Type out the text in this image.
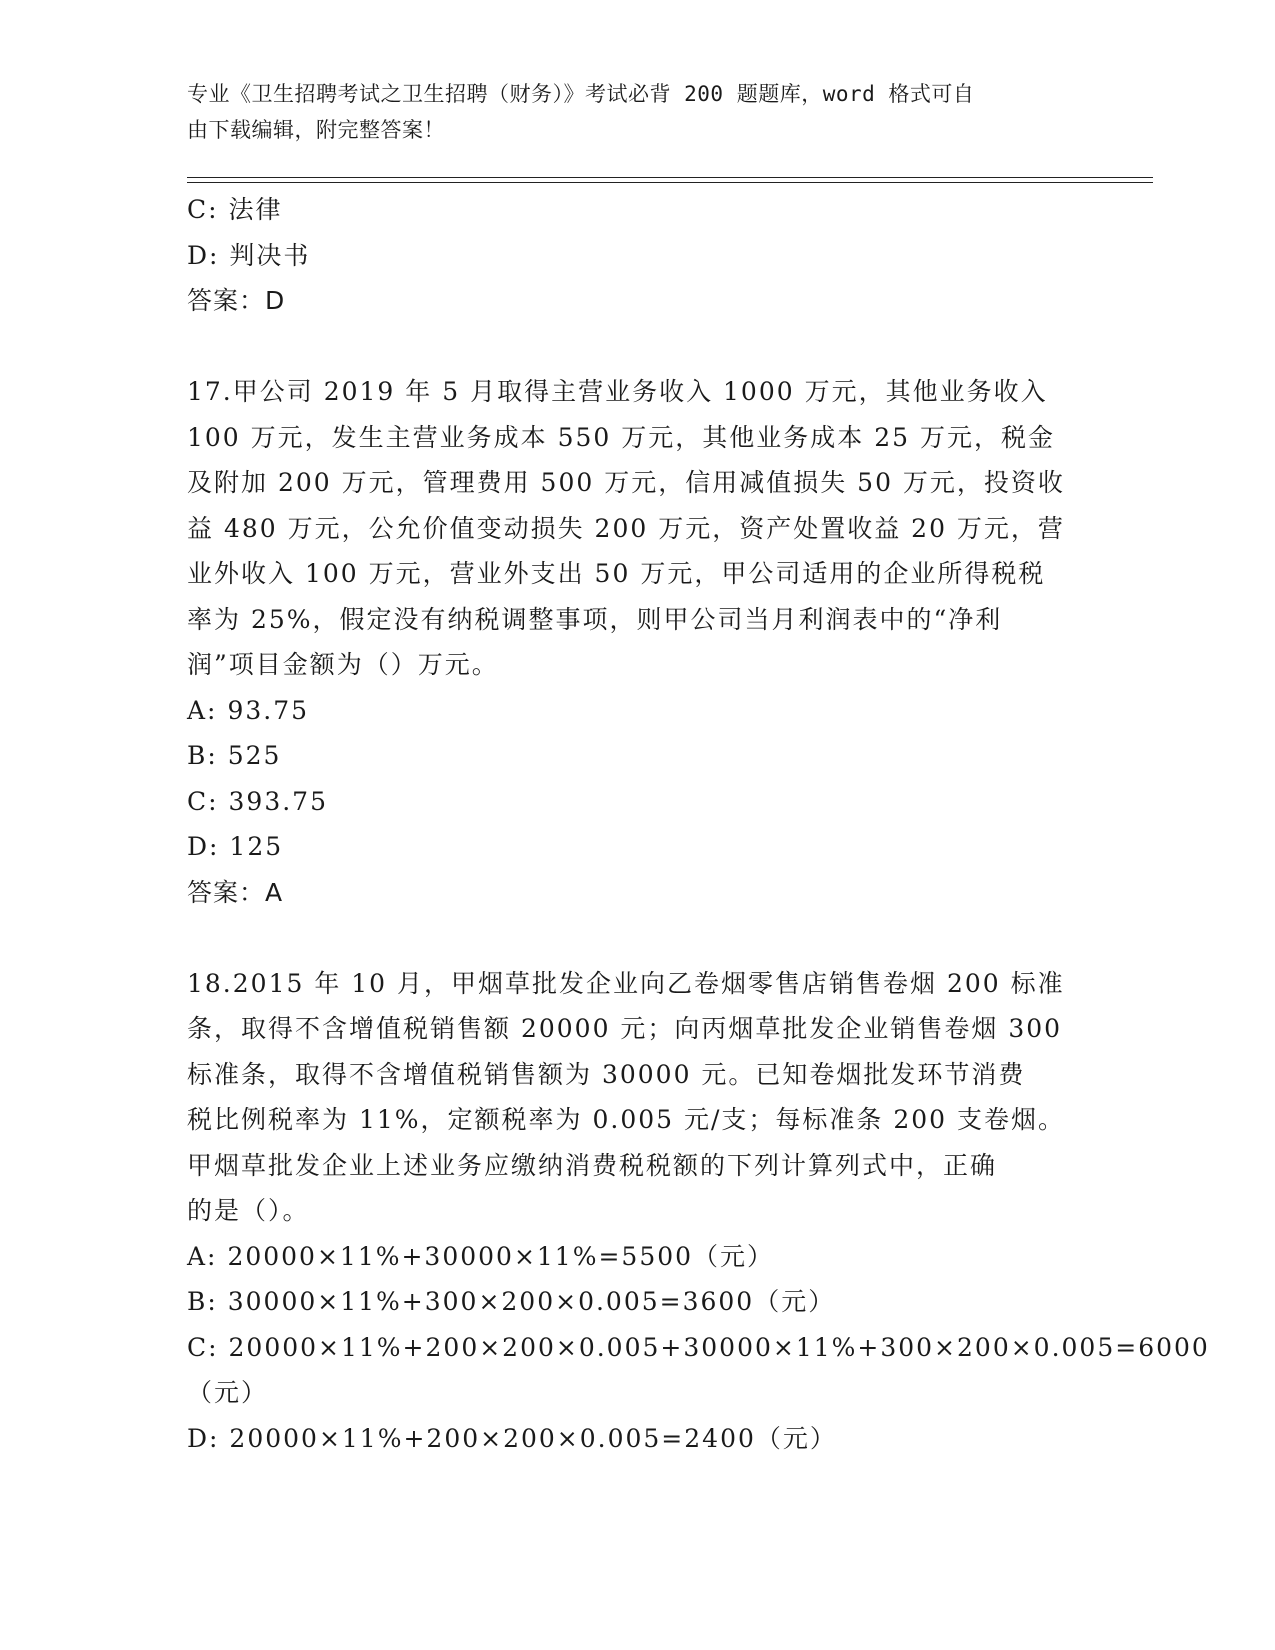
专业《卫生招聘考试之卫生招聘（财务）》考试必背 200 题题库，word 格式可自
由下载编辑，附完整答案！
C: 法律
D: 判决书
答案：D
17.甲公司 2019 年 5 月取得主营业务收入 1000 万元，其他业务收入
100 万元，发生主营业务成本 550 万元，其他业务成本 25 万元，税金
及附加 200 万元，管理费用 500 万元，信用减值损失 50 万元，投资收
益 480 万元，公允价值变动损失 200 万元，资产处置收益 20 万元，营
业外收入 100 万元，营业外支出 50 万元，甲公司适用的企业所得税税
率为 25%，假定没有纳税调整事项，则甲公司当月利润表中的“净利
润”项目金额为（）万元。
A: 93.75
B: 525
C: 393.75
D: 125
答案：A
18.2015 年 10 月，甲烟草批发企业向乙卷烟零售店销售卷烟 200 标准
条，取得不含增值税销售额 20000 元；向丙烟草批发企业销售卷烟 300
标准条，取得不含增值税销售额为 30000 元。已知卷烟批发环节消费
税比例税率为 11%，定额税率为 0.005 元/支；每标准条 200 支卷烟。
甲烟草批发企业上述业务应缴纳消费税税额的下列计算列式中，正确
的是（）。
A: 20000×11%+30000×11%=5500（元）
B: 30000×11%+300×200×0.005=3600（元）
C: 20000×11%+200×200×0.005+30000×11%+300×200×0.005=6000
（元）
D: 20000×11%+200×200×0.005=2400（元）
